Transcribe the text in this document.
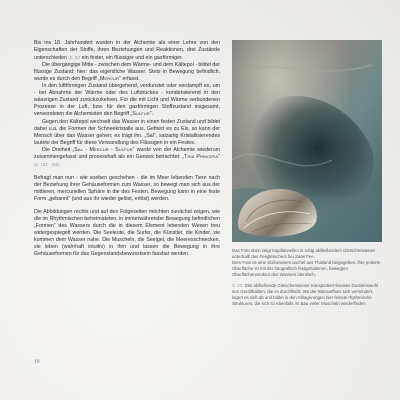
Bis ins 18. Jahrhundert wurden in der Alchemie als einer Lehre von den Eigenschaften der Stoffe, ihren Beziehungen und Reaktionen, drei Zustände unterschieden (S. 5): ein fester, ein flüssiger und ein gasförmiger.

Die übergängige Mitte - zwischen dem Wärme- und dem Kältepol - bildet der flüssige Zustand; hier: das eigentliche Wasser. Stets in Bewegung befindlich, wurde es durch den Begriff „Mercur“ erfasst.

In den luftförmigen Zustand übergehend, verdunstet oder verdampft es, um - bei Abnahme der Wärme oder des Luftdruckes - kondensierend in den wässrigen Zustand zurückzukehren. Für die mit Licht und Wärme verbundenen Prozesse in der Luft, bzw. für den gasförmigen Stoffzustand insgesamt, verwendeten die Alchemisten den Begriff „Sulfur“.

Gegen den Kältepol wechselt das Wasser in einen festen Zustand und bildet dabei u.a. die Formen der Schneekristalle aus. Gefriert es zu Eis, so kann der Mensch über das Wasser gehen; es trägt ihn. „Sal“, salzartig Kristallisierendes lautete der Begriff für diese Verwandlung des Flüssigen in ein Festes.

Die Dreiheit „Sal - Mercur - Sulfur“ wurde von der Alchemie wiederum zusammengefasst und prozesshaft als ein Ganzes betrachtet: „Tria Principia“ (S. 163 - 166)

Befragt man nun - wie soeben geschehen - die im Meer lebenden Tiere nach der Beziehung ihrer Gehäuseformen zum Wasser, so bewegt man sich aus der mittleren, mercuriellen Sphäre in die des Festen. Bewegung kann in eine feste Form „gebannt“ (und aus ihr wieder gelöst, erlöst) werden.

Die Abbildungen rechts und auf den Folgeseiten möchten zunächst zeigen, wie die im Rhythmischen beheimateten, in immerwährender Bewegung befindlichen „Formen“ des Wassers durch die in diesem Element lebenden Wesen treu widergespiegelt werden. Die Seeleute, die Surfer, die Künstler, die Kinder, sie kommen dem Wasser nahe. Die Muscheln, die Seeigel, die Meeresschnecken, sie leben (wahrhaft intuitiv) in ihm und lassen die Bewegung in ihre Gehäuseformen für das Gegenstandsbewusstsein fassbar werden.

Das Foto oben zeigt Kapillarwellen in ruhig abfließendem Gletscherwasser unterhalb des Feegletschers bei Saas Fee.

Dem Foto ist eine Süßwassermuschel aus Thailand beigegeben: ihre polierte Oberfläche ist mit der fotografisch festgehaltenen, bewegten Oberflächenstruktur des Wassers identisch.

S. 20: Das abfließende Gletscherwasser transportiert feinstes Gesteinsmehl aus Geröllhalden, die es durchfließt. Wo der Wasserfluss sich vermindert, lagert es sich ab und bildet in den Ablagerungen hier feinste rhythmische Strukturen, die sich so ebenfalls im Bau vieler Muscheln wiederfinden.

19
